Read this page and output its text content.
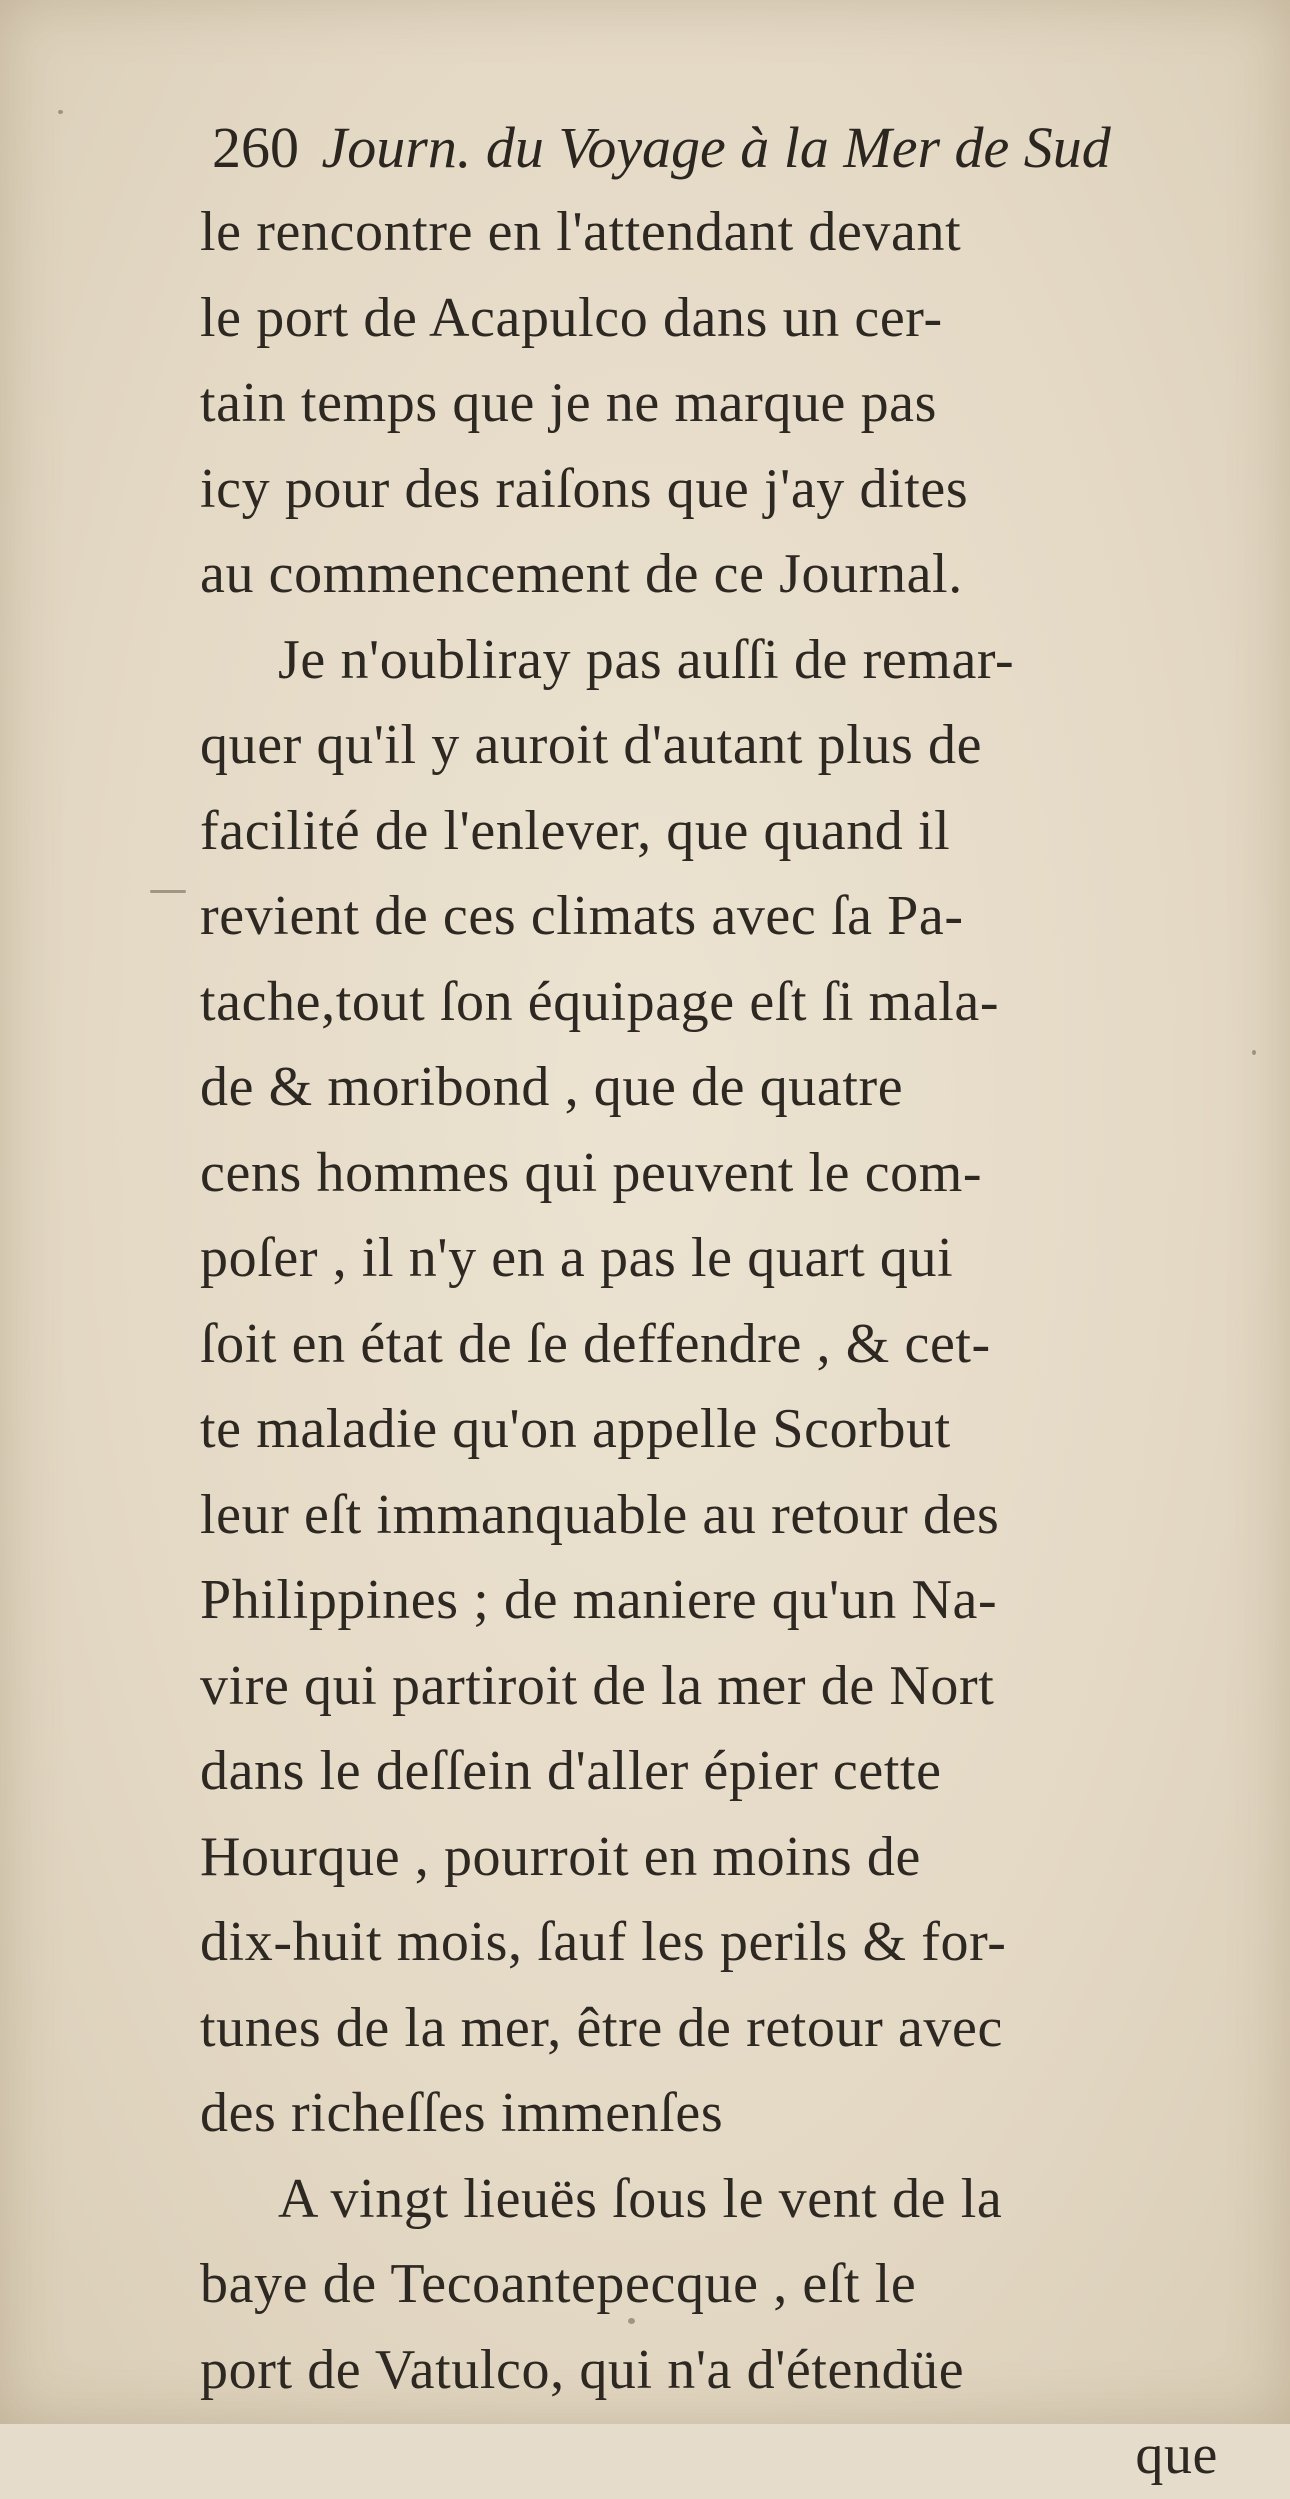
260 Journ. du Voyage à la Mer de Sud
le rencontre en l'attendant devant
le port de Acapulco dans un cer-
tain temps que je ne marque pas
icy pour des raiſons que j'ay dites
au commencement de ce Journal.
Je n'oubliray pas auſſi de remar-
quer qu'il y auroit d'autant plus de
facilité de l'enlever, que quand il
revient de ces climats avec ſa Pa-
tache,tout ſon équipage eſt ſi mala-
de & moribond , que de quatre
cens hommes qui peuvent le com-
poſer , il n'y en a pas le quart qui
ſoit en état de ſe deffendre , & cet-
te maladie qu'on appelle Scorbut
leur eſt immanquable au retour des
Philippines ; de maniere qu'un Na-
vire qui partiroit de la mer de Nort
dans le deſſein d'aller épier cette
Hourque , pourroit en moins de
dix-huit mois, ſauf les perils & for-
tunes de la mer, être de retour avec
des richeſſes immenſes
A vingt lieuës ſous le vent de la
baye de Tecoantepecque , eſt le
port de Vatulco, qui n'a d'étendüe
que
